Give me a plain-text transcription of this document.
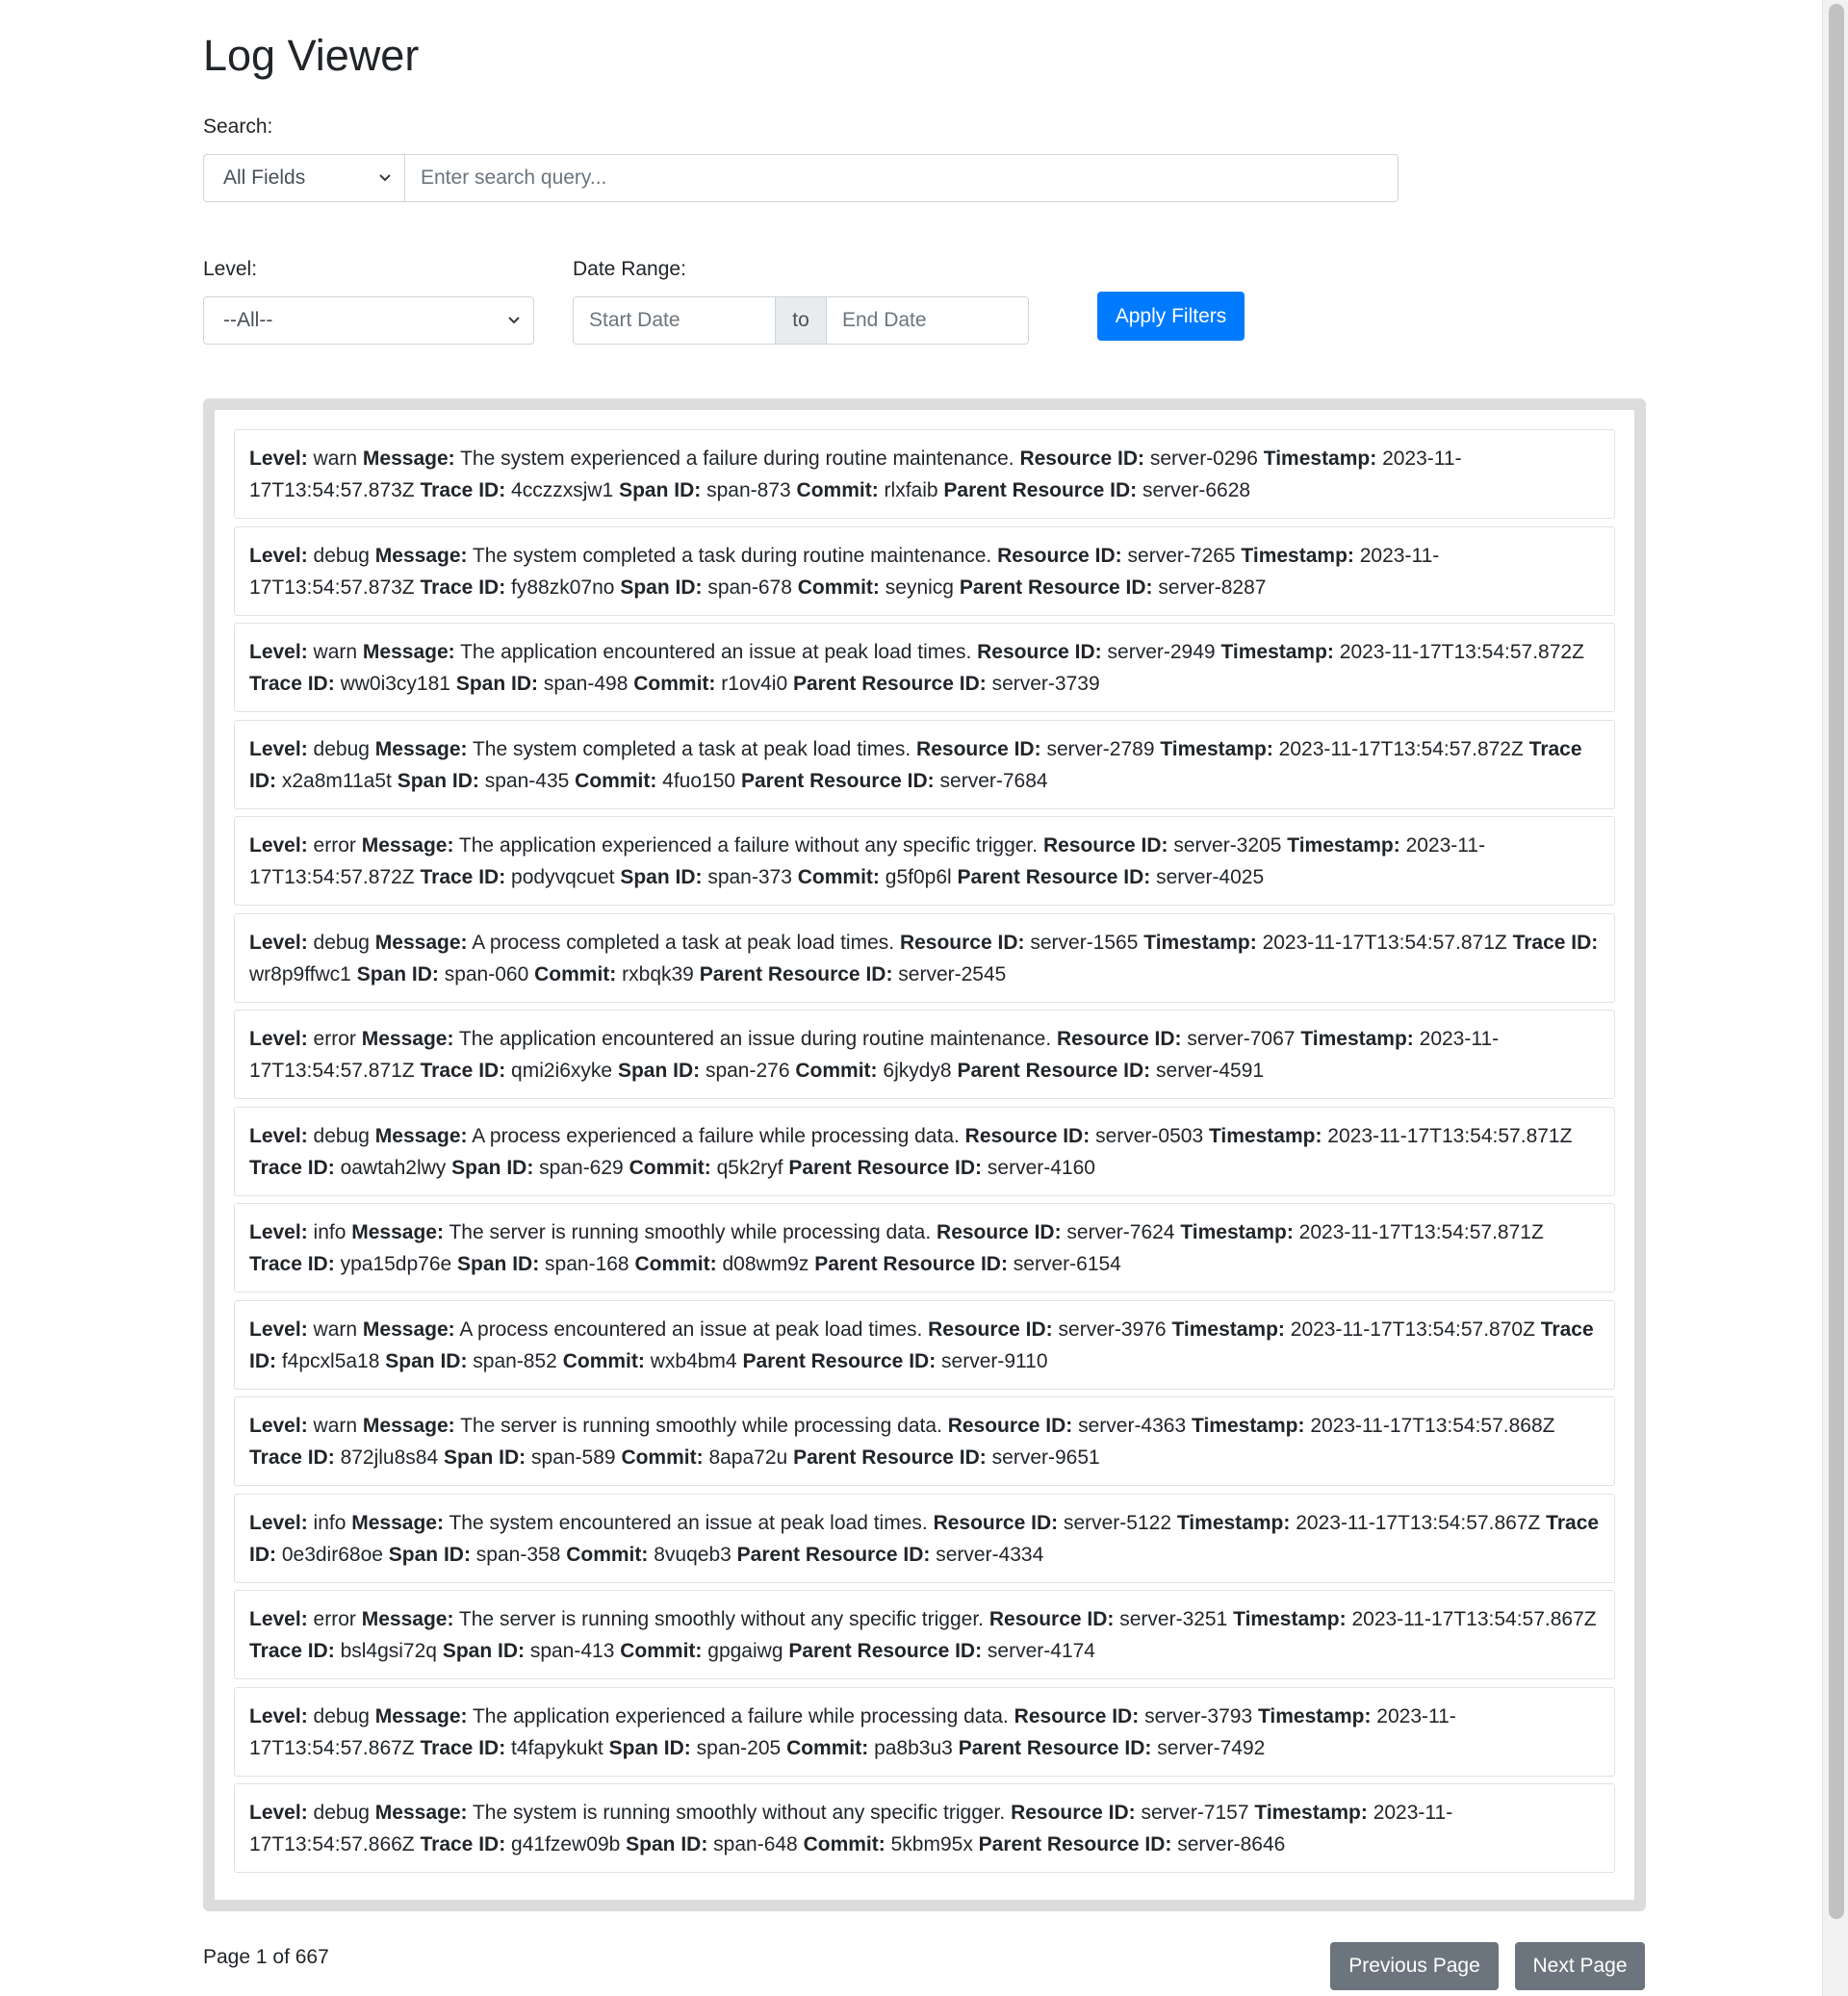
Log Viewer
Search:
All Fields
Enter search query...
Level:
--All--
Date Range:
Start Date
to
End Date	Apply Filters
Level: warn Message: The system experienced a failure during routine maintenance. Resource ID: server-0296 Timestamp: 2023-11-17T13:54:57.873Z Trace ID: 4cczzxsjw1 Span ID: span-873 Commit: rlxfaib Parent Resource ID: server-6628
Level: debug Message: The system completed a task during routine maintenance. Resource ID: server-7265 Timestamp: 2023-11-17T13:54:57.873Z Trace ID: fy88zk07no Span ID: span-678 Commit: seynicg Parent Resource ID: server-8287
Level: warn Message: The application encountered an issue at peak load times. Resource ID: server-2949 Timestamp: 2023-11-17T13:54:57.872Z Trace ID: ww0i3cy181 Span ID: span-498 Commit: r1ov4i0 Parent Resource ID: server-3739
Level: debug Message: The system completed a task at peak load times. Resource ID: server-2789 Timestamp: 2023-11-17T13:54:57.872Z Trace ID: x2a8m11a5t Span ID: span-435 Commit: 4fuo150 Parent Resource ID: server-7684
Level: error Message: The application experienced a failure without any specific trigger. Resource ID: server-3205 Timestamp: 2023-11-17T13:54:57.872Z Trace ID: podyvqcuet Span ID: span-373 Commit: g5f0p6l Parent Resource ID: server-4025
Level: debug Message: A process completed a task at peak load times. Resource ID: server-1565 Timestamp: 2023-11-17T13:54:57.871Z Trace ID: wr8p9ffwc1 Span ID: span-060 Commit: rxbqk39 Parent Resource ID: server-2545
Level: error Message: The application encountered an issue during routine maintenance. Resource ID: server-7067 Timestamp: 2023-11-17T13:54:57.871Z Trace ID: qmi2i6xyke Span ID: span-276 Commit: 6jkydy8 Parent Resource ID: server-4591
Level: debug Message: A process experienced a failure while processing data. Resource ID: server-0503 Timestamp: 2023-11-17T13:54:57.871Z Trace ID: oawtah2lwy Span ID: span-629 Commit: q5k2ryf Parent Resource ID: server-4160
Level: info Message: The server is running smoothly while processing data. Resource ID: server-7624 Timestamp: 2023-11-17T13:54:57.871Z Trace ID: ypa15dp76e Span ID: span-168 Commit: d08wm9z Parent Resource ID: server-6154
Level: warn Message: A process encountered an issue at peak load times. Resource ID: server-3976 Timestamp: 2023-11-17T13:54:57.870Z Trace ID: f4pcxl5a18 Span ID: span-852 Commit: wxb4bm4 Parent Resource ID: server-9110
Level: warn Message: The server is running smoothly while processing data. Resource ID: server-4363 Timestamp: 2023-11-17T13:54:57.868Z Trace ID: 872jlu8s84 Span ID: span-589 Commit: 8apa72u Parent Resource ID: server-9651
Level: info Message: The system encountered an issue at peak load times. Resource ID: server-5122 Timestamp: 2023-11-17T13:54:57.867Z Trace ID: 0e3dir68oe Span ID: span-358 Commit: 8vuqeb3 Parent Resource ID: server-4334
Level: error Message: The server is running smoothly without any specific trigger. Resource ID: server-3251 Timestamp: 2023-11-17T13:54:57.867Z Trace ID: bsl4gsi72q Span ID: span-413 Commit: gpgaiwg Parent Resource ID: server-4174
Level: debug Message: The application experienced a failure while processing data. Resource ID: server-3793 Timestamp: 2023-11-17T13:54:57.867Z Trace ID: t4fapykukt Span ID: span-205 Commit: pa8b3u3 Parent Resource ID: server-7492
Level: debug Message: The system is running smoothly without any specific trigger. Resource ID: server-7157 Timestamp: 2023-11-17T13:54:57.866Z Trace ID: g41fzew09b Span ID: span-648 Commit: 5kbm95x Parent Resource ID: server-8646
Page 1 of 667	Previous Page	Next Page
